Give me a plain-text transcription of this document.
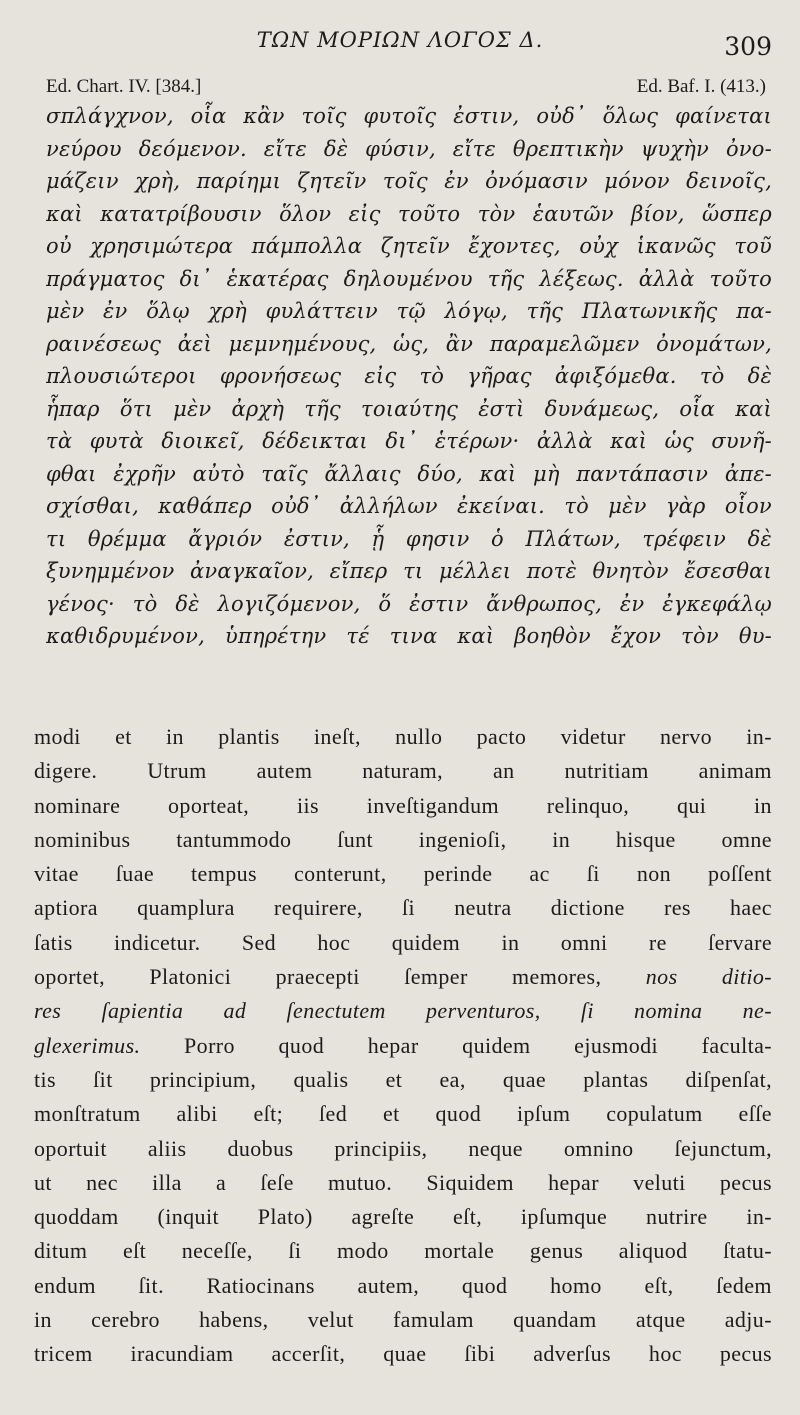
ΤΩΝ ΜΟΡΙΩΝ ΛΟΓΟΣ Δ.	309
Ed. Chart. IV. [384.]	Ed. Baf. I. (413.)
σπλάγχνον, οἷα κἂν τοῖς φυτοῖς ἐστιν, οὐδ᾽ ὅλως φαίνεται
νεύρου δεόμενον. εἴτε δὲ φύσιν, εἴτε θρεπτικὴν ψυχὴν ὀνο-
μάζειν χρὴ, παρίημι ζητεῖν τοῖς ἐν ὀνόμασιν μόνον δεινοῖς,
καὶ κατατρίβουσιν ὅλον εἰς τοῦτο τὸν ἑαυτῶν βίον, ὥσπερ
οὐ χρησιμώτερα πάμπολλα ζητεῖν ἔχοντες, οὐχ ἱκανῶς τοῦ
πράγματος δι᾽ ἑκατέρας δηλουμένου τῆς λέξεως. ἀλλὰ τοῦτο
μὲν ἐν ὅλῳ χρὴ φυλάττειν τῷ λόγῳ, τῆς Πλατωνικῆς πα-
ραινέσεως ἀεὶ μεμνημένους, ὡς, ἂν παραμελῶμεν ὀνομάτων,
πλουσιώτεροι φρονήσεως εἰς τὸ γῆρας ἀφιξόμεθα. τὸ δὲ
ἧπαρ ὅτι μὲν ἀρχὴ τῆς τοιαύτης ἐστὶ δυνάμεως, οἷα καὶ
τὰ φυτὰ διοικεῖ, δέδεικται δι᾽ ἑτέρων· ἀλλὰ καὶ ὡς συνῆ-
φθαι ἐχρῆν αὐτὸ ταῖς ἄλλαις δύο, καὶ μὴ παντάπασιν ἀπε-
σχίσθαι, καθάπερ οὐδ᾽ ἀλλήλων ἐκείναι. τὸ μὲν γὰρ οἷον
τι θρέμμα ἄγριόν ἐστιν, ᾗ φησιν ὁ Πλάτων, τρέφειν δὲ
ξυνημμένον ἀναγκαῖον, εἴπερ τι μέλλει ποτὲ θνητὸν ἔσεσθαι
γένος· τὸ δὲ λογιζόμενον, ὅ ἐστιν ἄνθρωπος, ἐν ἐγκεφάλῳ
καθιδρυμένον, ὑπηρέτην τέ τινα καὶ βοηθὸν ἔχον τὸν θυ-
modi et in plantis ineſt, nullo pacto videtur nervo in-
digere. Utrum autem naturam, an nutritiam animam
nominare oporteat, iis inveſtigandum relinquo, qui in
nominibus tantummodo ſunt ingenioſi, in hisque omne
vitae ſuae tempus conterunt, perinde ac ſi non poſſent
aptiora quamplura requirere, ſi neutra dictione res haec
ſatis indicetur. Sed hoc quidem in omni re ſervare
oportet, Platonici praecepti ſemper memores, nos ditio-
res ſapientia ad ſenectutem perventuros, ſi nomina ne-
glexerimus. Porro quod hepar quidem ejusmodi faculta-
tis ſit principium, qualis et ea, quae plantas diſpenſat,
monſtratum alibi eſt; ſed et quod ipſum copulatum eſſe
oportuit aliis duobus principiis, neque omnino ſejunctum,
ut nec illa a ſeſe mutuo. Siquidem hepar veluti pecus
quoddam (inquit Plato) agreſte eſt, ipſumque nutrire in-
ditum eſt neceſſe, ſi modo mortale genus aliquod ſtatu-
endum ſit. Ratiocinans autem, quod homo eſt, ſedem
in cerebro habens, velut famulam quandam atque adju-
tricem iracundiam accerſit, quae ſibi adverſus hoc pecus
